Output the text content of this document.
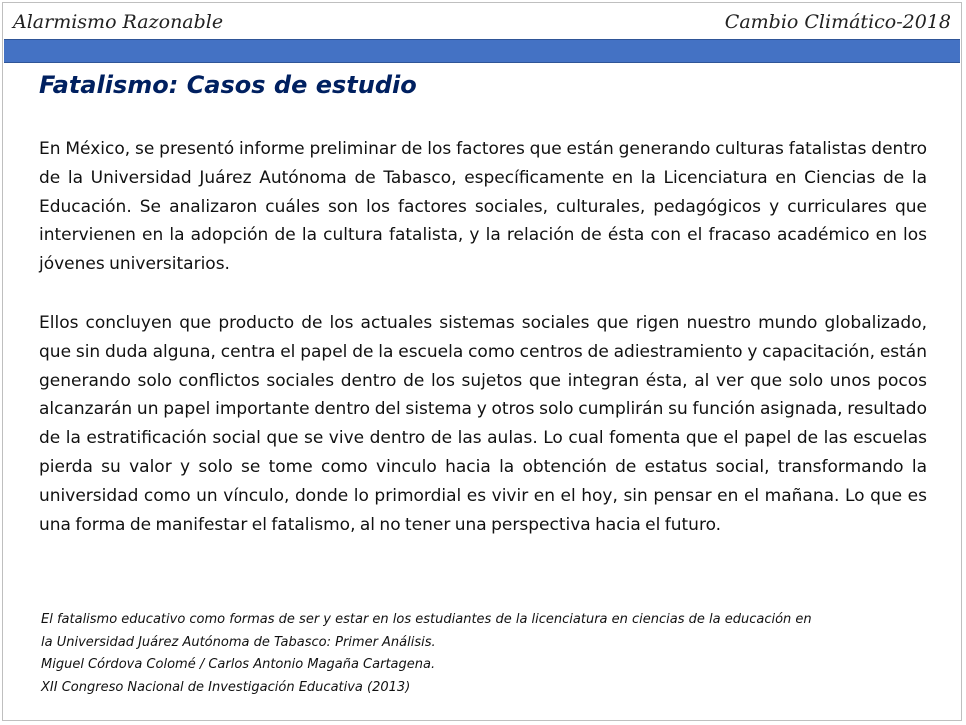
Alarmismo Razonable	Cambio Climático-2018
Fatalismo: Casos de estudio

En México, se presentó informe preliminar de los factores que están generando culturas fatalistas dentro de la Universidad Juárez Autónoma de Tabasco, específicamente en la Licenciatura en Ciencias de la Educación. Se analizaron cuáles son los factores sociales, culturales, pedagógicos y curriculares que intervienen en la adopción de la cultura fatalista, y la relación de ésta con el fracaso académico en los jóvenes universitarios.

Ellos concluyen que producto de los actuales sistemas sociales que rigen nuestro mundo globalizado, que sin duda alguna, centra el papel de la escuela como centros de adiestramiento y capacitación, están generando solo conflictos sociales dentro de los sujetos que integran ésta, al ver que solo unos pocos alcanzarán un papel importante dentro del sistema y otros solo cumplirán su función asignada, resultado de la estratificación social que se vive dentro de las aulas. Lo cual fomenta que el papel de las escuelas pierda su valor y solo se tome como vinculo hacia la obtención de estatus social, transformando la universidad como un vínculo, donde lo primordial es vivir en el hoy, sin pensar en el mañana. Lo que es una forma de manifestar el fatalismo, al no tener una perspectiva hacia el futuro.

El fatalismo educativo como formas de ser y estar en los estudiantes de la licenciatura en ciencias de la educación en
la Universidad Juárez Autónoma de Tabasco: Primer Análisis.
Miguel Córdova Colomé / Carlos Antonio Magaña Cartagena.
XII Congreso Nacional de Investigación Educativa (2013)
